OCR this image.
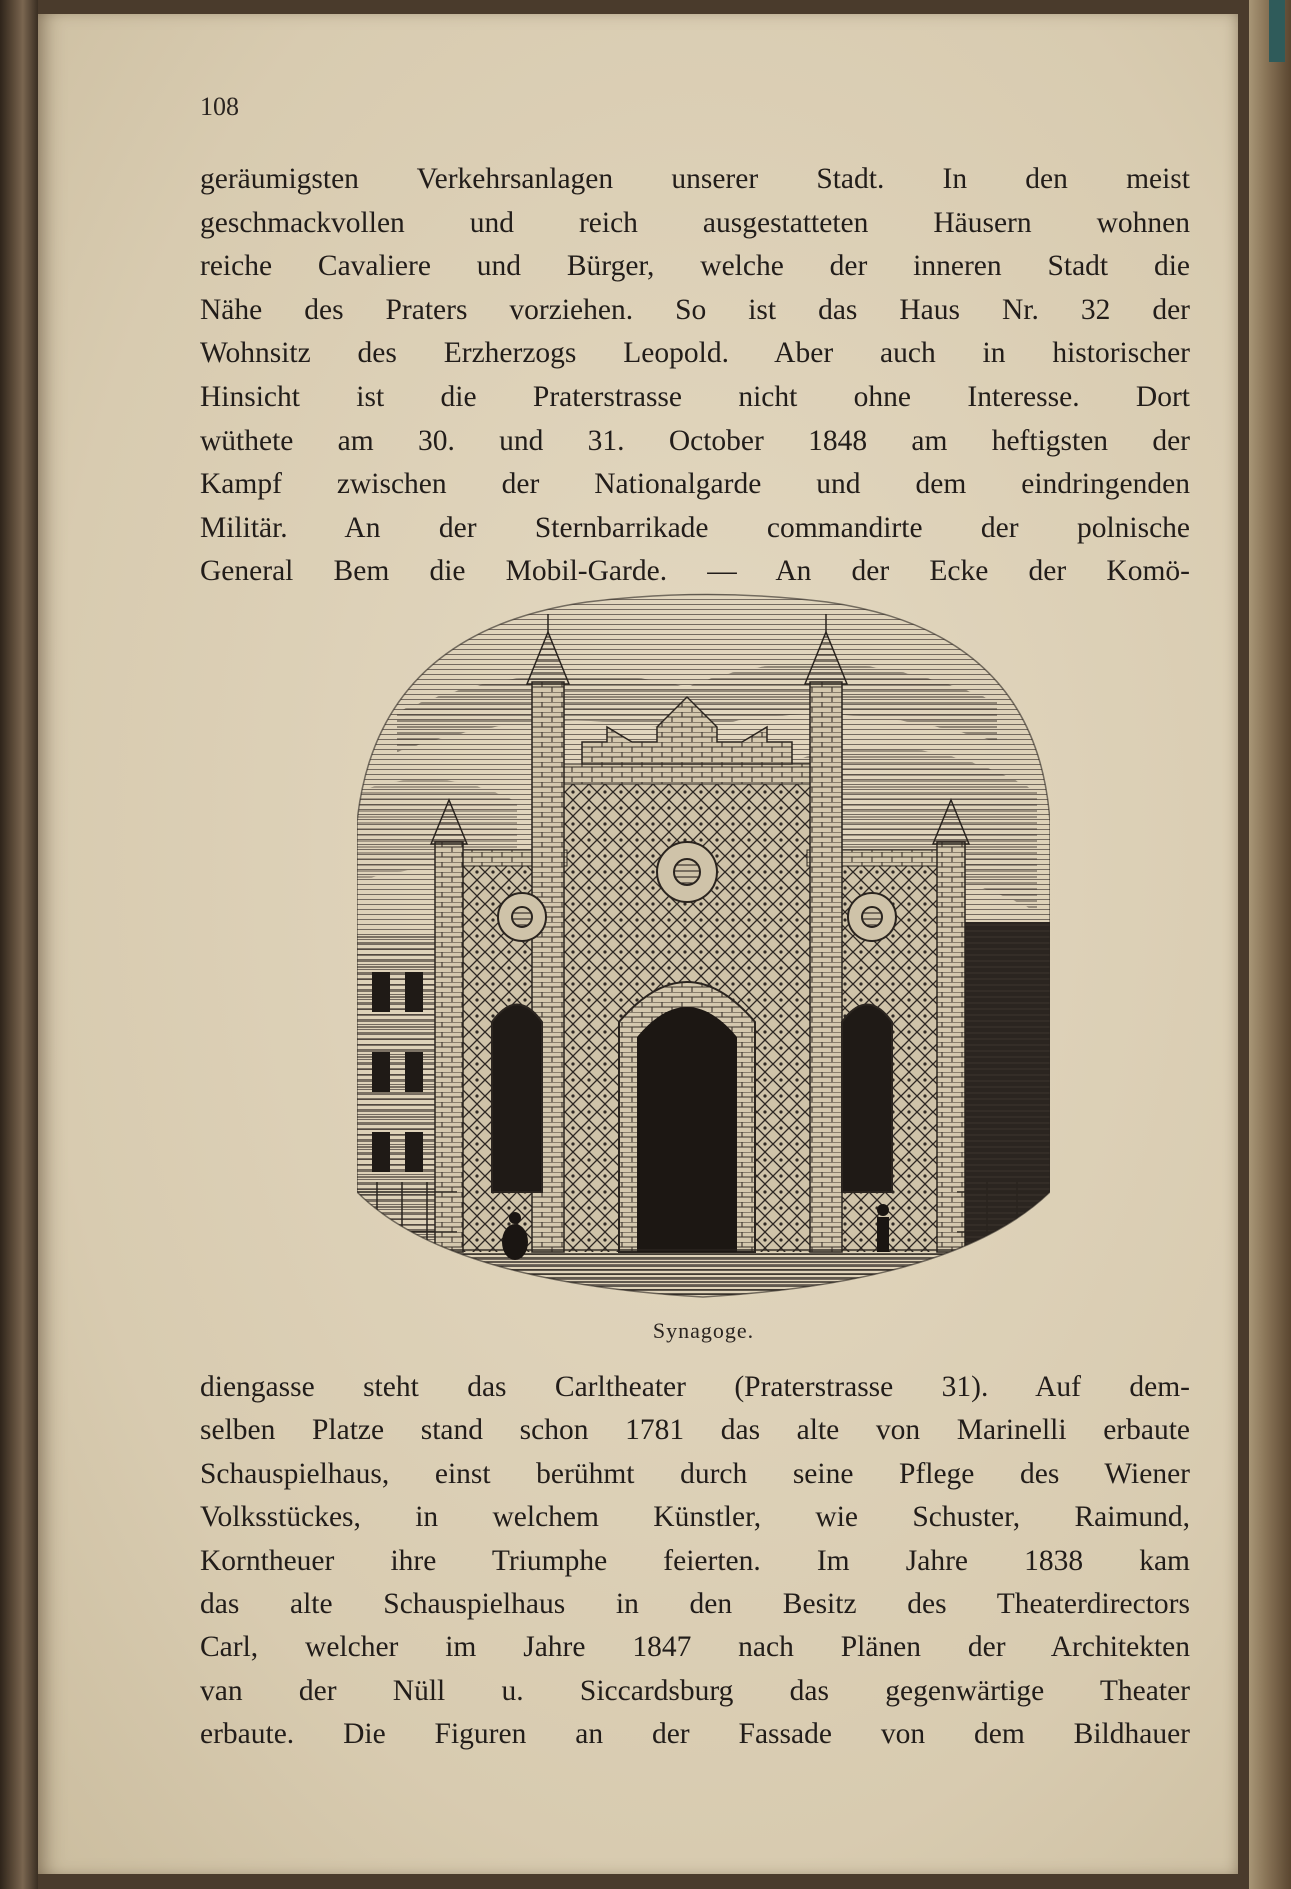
108
geräumigsten Verkehrsanlagen unserer Stadt. In den meist
geschmackvollen und reich ausgestatteten Häusern wohnen
reiche Cavaliere und Bürger, welche der inneren Stadt die
Nähe des Praters vorziehen. So ist das Haus Nr. 32 der
Wohnsitz des Erzherzogs Leopold. Aber auch in historischer
Hinsicht ist die Praterstrasse nicht ohne Interesse. Dort
wüthete am 30. und 31. October 1848 am heftigsten der
Kampf zwischen der Nationalgarde und dem eindringenden
Militär. An der Sternbarrikade commandirte der polnische
General Bem die Mobil-Garde. — An der Ecke der Komö-
Synagoge.
diengasse steht das Carltheater (Praterstrasse 31). Auf dem-
selben Platze stand schon 1781 das alte von Marinelli erbaute
Schauspielhaus, einst berühmt durch seine Pflege des Wiener
Volksstückes, in welchem Künstler, wie Schuster, Raimund,
Korntheuer ihre Triumphe feierten. Im Jahre 1838 kam
das alte Schauspielhaus in den Besitz des Theaterdirectors
Carl, welcher im Jahre 1847 nach Plänen der Architekten
van der Nüll u. Siccardsburg das gegenwärtige Theater
erbaute. Die Figuren an der Fassade von dem Bildhauer
